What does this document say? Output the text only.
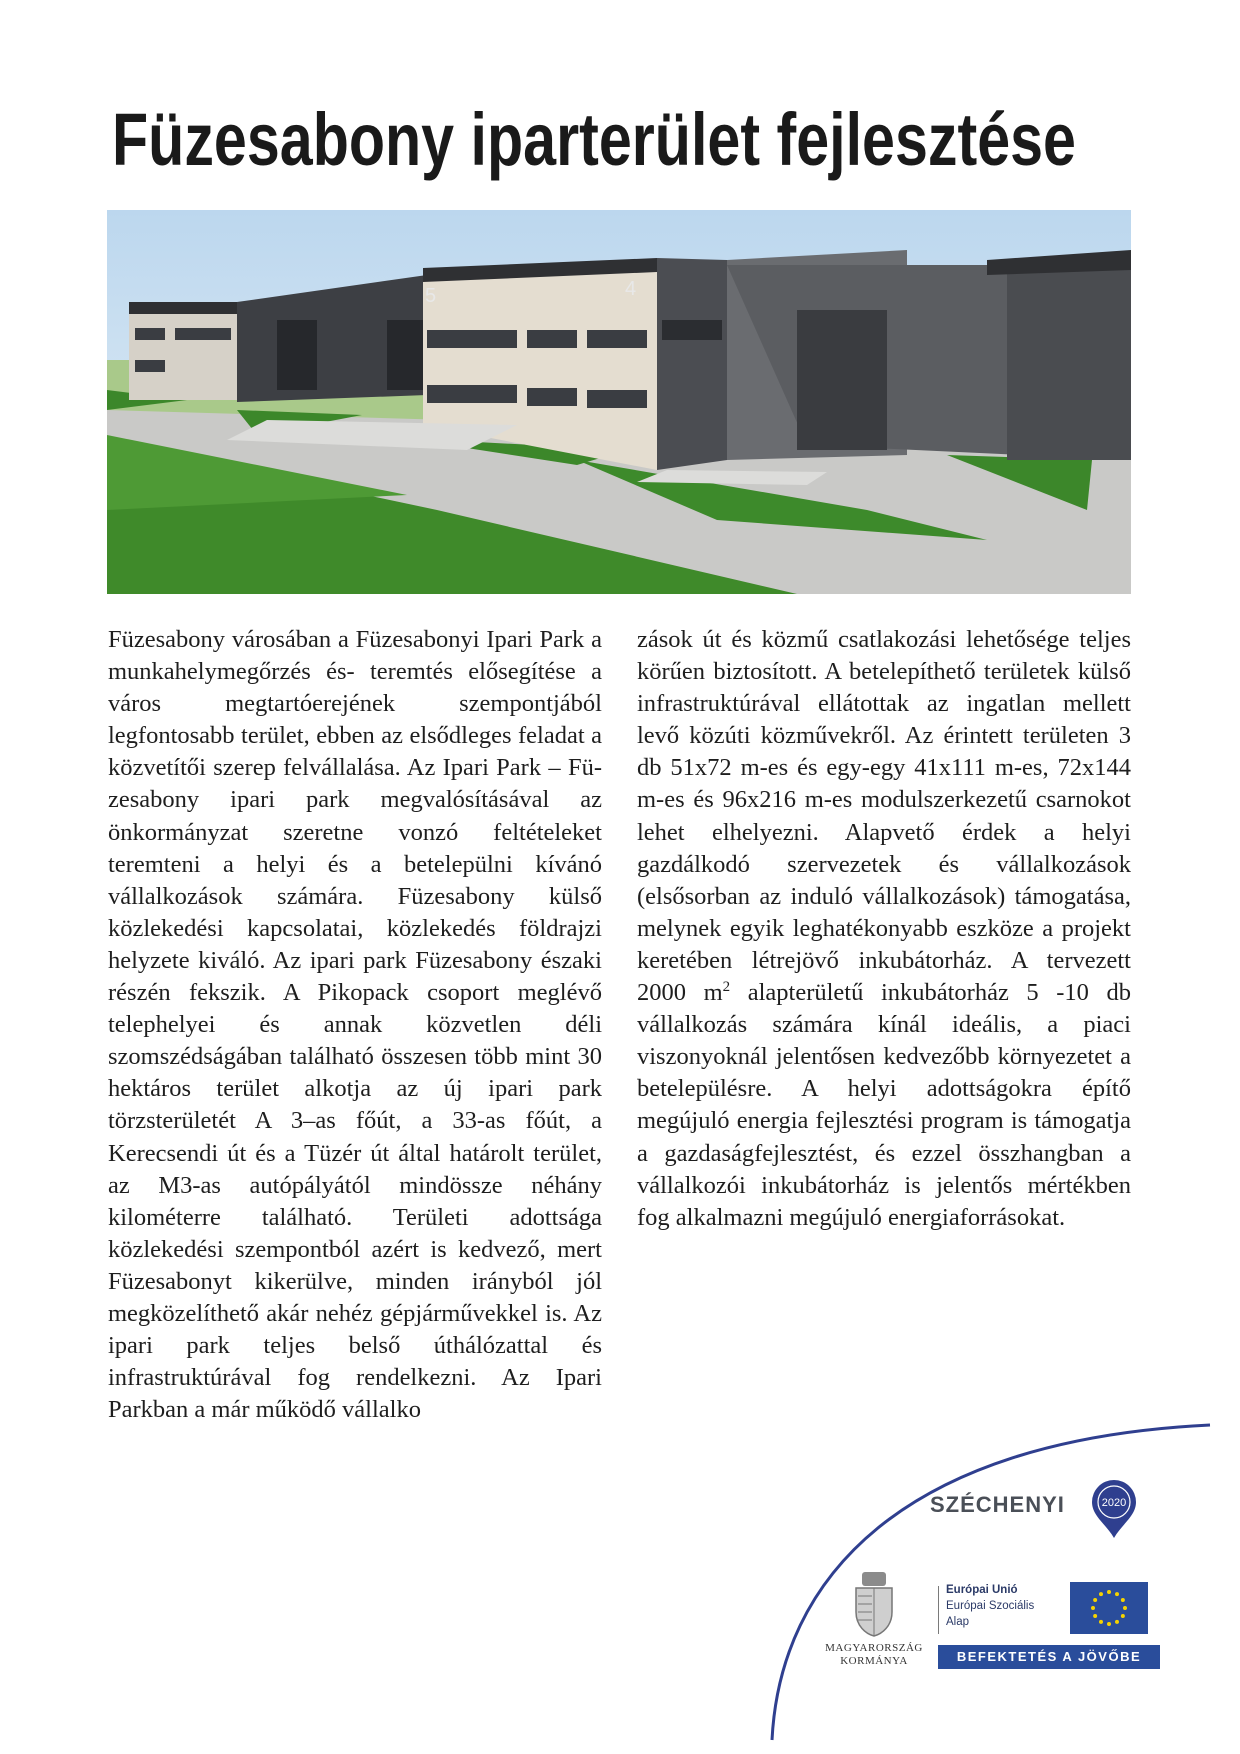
Füzesabony iparterület fejlesztése
5	4

Füzesabony városában a Füzesabonyi Ipari Park a munkahelymegőrzés és- teremtés elősegítése a város megtartóerejének szempontjából legfontosabb terület, ebben az elsődleges feladat a közvetítői szerep felvállalása. Az Ipari Park – Füzesabony ipari park megvalósításával az önkormányzat szeretne vonzó feltételeket teremteni a helyi és a betelepülni kívánó vállalkozások számára. Füzesabony külső közlekedési kapcsolatai, közlekedés földrajzi helyzete kiváló. Az ipari park Füzesabony északi részén fekszik. A Pikopack csoport meglévő telephelyei és annak közvetlen déli szomszédságában található összesen több mint 30 hektáros terület alkotja az új ipari park törzsterületét A 3–as főút, a 33-as főút, a Kerecsendi út és a Tüzér út által határolt terület, az M3-as autópályától mindössze néhány kilométerre található. Területi adottsága közlekedési szempontból azért is kedvező, mert Füzesabonyt kikerülve, minden irányból jól megközelíthető akár nehéz gépjárművekkel is. Az ipari park teljes belső úthálózattal és infrastruktúrával fog rendelkezni. Az Ipari Parkban a már működő vállalko

zások út és közmű csatlakozási lehetősége teljes körűen biztosított. A betelepíthető területek külső infrastruktúrával ellátottak az ingatlan mellett levő közúti közművekről. Az érintett területen 3 db 51x72 m-es és egy-egy 41x111 m-es, 72x144 m-es és 96x216 m-es modulszerkezetű csarnokot lehet elhelyezni. Alapvető érdek a helyi gazdálkodó szervezetek és vállalkozások (elsősorban az induló vállalkozások) támogatása, melynek egyik leghatékonyabb eszköze a projekt keretében létrejövő inkubátorház. A tervezett 2000 $m^2$ alapterületű inkubátorház 5 -10 db vállalkozás számára kínál ideális, a piaci viszonyoknál jelentősen kedvezőbb környezetet a betelepülésre. A helyi adottságokra építő megújuló energia fejlesztési program is támogatja a gazdaságfejlesztést, és ezzel összhangban a vállalkozói inkubátorház is jelentős mértékben fog alkalmazni megújuló energiaforrásokat.

SZÉCHENYI	2020
MAGYARORSZÁG
KORMÁNYA
Európai Unió
Európai Szociális
Alap
BEFEKTETÉS A JÖVŐBE
